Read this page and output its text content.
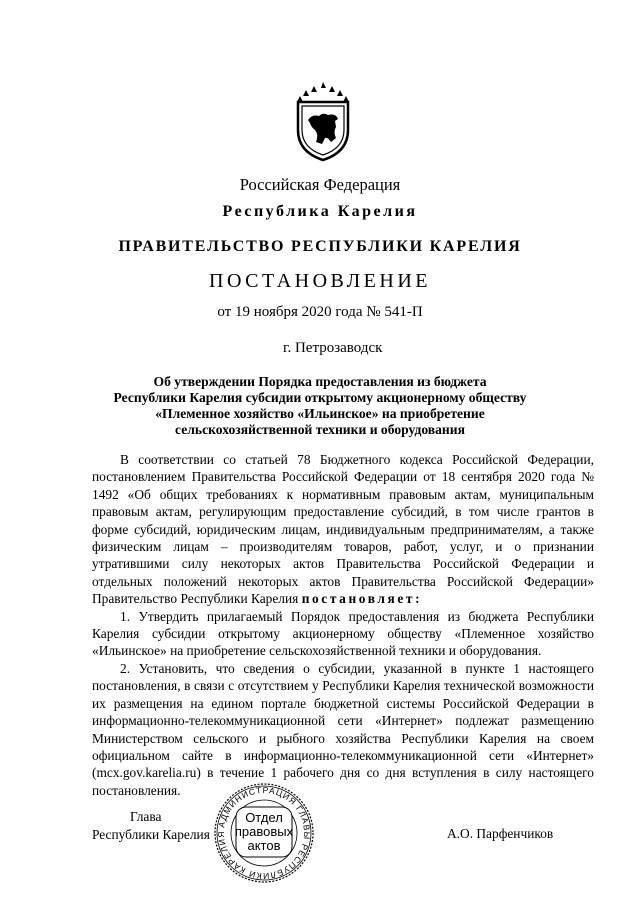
Российская Федерация
Республика Карелия
ПРАВИТЕЛЬСТВО РЕСПУБЛИКИ КАРЕЛИЯ
ПОСТАНОВЛЕНИЕ
от 19 ноября 2020 года № 541-П
г. Петрозаводск
Об утверждении Порядка предоставления из бюджета
Республики Карелия субсидии открытому акционерному обществу
«Племенное хозяйство «Ильинское» на приобретение
сельскохозяйственной техники и оборудования

В соответствии со статьей 78 Бюджетного кодекса Российской Федерации, постановлением Правительства Российской Федерации от 18 сентября 2020 года № 1492 «Об общих требованиях к нормативным правовым актам, муниципальным правовым актам, регулирующим предоставление субсидий, в том числе грантов в форме субсидий, юридическим лицам, индивидуальным предпринимателям, а также физическим лицам – производителям товаров, работ, услуг, и о признании утратившими силу некоторых актов Правительства Российской Федерации и отдельных положений некоторых актов Правительства Российской Федерации» Правительство Республики Карелия постановляет:

1. Утвердить прилагаемый Порядок предоставления из бюджета Республики Карелия субсидии открытому акционерному обществу «Племенное хозяйство «Ильинское» на приобретение сельскохозяйственной техники и оборудования.

2. Установить, что сведения о субсидии, указанной в пункте 1 настоящего постановления, в связи с отсутствием у Республики Карелия технической возможности их размещения на едином портале бюджетной системы Российской Федерации в информационно-телекоммуникационной сети «Интернет» подлежат размещению Министерством сельского и рыбного хозяйства Республики Карелия на своем официальном сайте в информационно-телекоммуникационной сети «Интернет» (mcx.gov.karelia.ru) в течение 1 рабочего дня со дня вступления в силу настоящего постановления.

Глава
Республики Карелия	А.О. Парфенчиков
АДМИНИСТРАЦИЯ ГЛАВЫ РЕСПУБЛИКИ КАРЕЛИЯ
Отдел
правовых
актов
